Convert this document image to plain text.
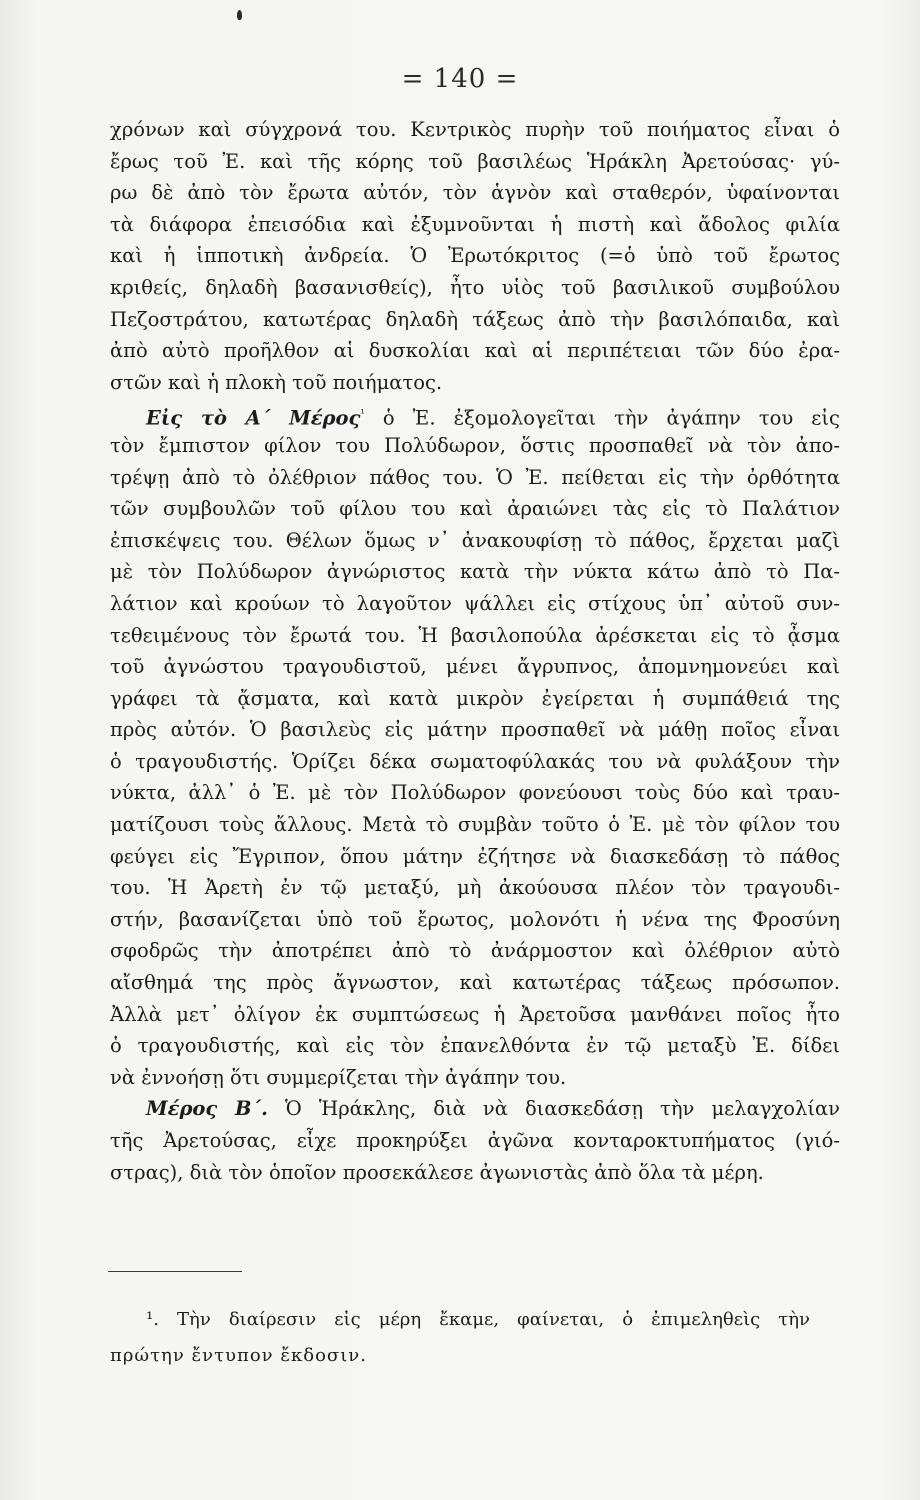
= 140 =
χρόνων καὶ σύγχρονά του. Κεντρικὸς πυρὴν τοῦ ποιήματος εἶναι ὁ
ἔρως τοῦ Ἐ. καὶ τῆς κόρης τοῦ βασιλέως Ἡράκλη Ἀρετούσας· γύ-
ρω δὲ ἀπὸ τὸν ἔρωτα αὐτόν, τὸν ἁγνὸν καὶ σταθερόν, ὑφαίνονται
τὰ διάφορα ἐπεισόδια καὶ ἐξυμνοῦνται ἡ πιστὴ καὶ ἄδολος φιλία
καὶ ἡ ἱπποτικὴ ἀνδρεία. Ὁ Ἐρωτόκριτος (=ὁ ὑπὸ τοῦ ἔρωτος
κριθείς, δηλαδὴ βασανισθείς), ἦτο υἱὸς τοῦ βασιλικοῦ συμβούλου
Πεζοστράτου, κατωτέρας δηλαδὴ τάξεως ἀπὸ τὴν βασιλόπαιδα, καὶ
ἀπὸ αὐτὸ προῆλθον αἱ δυσκολίαι καὶ αἱ περιπέτειαι τῶν δύο ἐρα-
στῶν καὶ ἡ πλοκὴ τοῦ ποιήματος.
Εἰς τὸ Α΄ Μέρος$^{^1}$ ὁ Ἐ. ἐξομολογεῖται τὴν ἀγάπην του εἰς
τὸν ἔμπιστον φίλον του Πολύδωρον, ὅστις προσπαθεῖ νὰ τὸν ἀπο-
τρέψῃ ἀπὸ τὸ ὀλέθριον πάθος του. Ὁ Ἐ. πείθεται εἰς τὴν ὀρθότητα
τῶν συμβουλῶν τοῦ φίλου του καὶ ἀραιώνει τὰς εἰς τὸ Παλάτιον
ἐπισκέψεις του. Θέλων ὅμως ν᾿ ἀνακουφίσῃ τὸ πάθος, ἔρχεται μαζὶ
μὲ τὸν Πολύδωρον ἀγνώριστος κατὰ τὴν νύκτα κάτω ἀπὸ τὸ Πα-
λάτιον καὶ κρούων τὸ λαγοῦτον ψάλλει εἰς στίχους ὑπ᾿ αὐτοῦ συν-
τεθειμένους τὸν ἔρωτά του. Ἡ βασιλοπούλα ἀρέσκεται εἰς τὸ ᾆσμα
τοῦ ἀγνώστου τραγουδιστοῦ, μένει ἄγρυπνος, ἀπομνημονεύει καὶ
γράφει τὰ ᾄσματα, καὶ κατὰ μικρὸν ἐγείρεται ἡ συμπάθειά της
πρὸς αὐτόν. Ὁ βασιλεὺς εἰς μάτην προσπαθεῖ νὰ μάθῃ ποῖος εἶναι
ὁ τραγουδιστής. Ὁρίζει δέκα σωματοφύλακάς του νὰ φυλάξουν τὴν
νύκτα, ἀλλ᾿ ὁ Ἐ. μὲ τὸν Πολύδωρον φονεύουσι τοὺς δύο καὶ τραυ-
ματίζουσι τοὺς ἄλλους. Μετὰ τὸ συμβὰν τοῦτο ὁ Ἐ. μὲ τὸν φίλον του
φεύγει εἰς Ἔγριπον, ὅπου μάτην ἐζήτησε νὰ διασκεδάσῃ τὸ πάθος
του. Ἡ Ἀρετὴ ἐν τῷ μεταξύ, μὴ ἀκούουσα πλέον τὸν τραγουδι-
στήν, βασανίζεται ὑπὸ τοῦ ἔρωτος, μολονότι ἡ νένα της Φροσύνη
σφοδρῶς τὴν ἀποτρέπει ἀπὸ τὸ ἀνάρμοστον καὶ ὀλέθριον αὐτὸ
αἴσθημά της πρὸς ἄγνωστον, καὶ κατωτέρας τάξεως πρόσωπον.
Ἀλλὰ μετ᾿ ὀλίγον ἐκ συμπτώσεως ἡ Ἀρετοῦσα μανθάνει ποῖος ἦτο
ὁ τραγουδιστής, καὶ εἰς τὸν ἐπανελθόντα ἐν τῷ μεταξὺ Ἐ. δίδει
νὰ ἐννοήσῃ ὅτι συμμερίζεται τὴν ἀγάπην του.
Μέρος Β΄. Ὁ Ἡράκλης, διὰ νὰ διασκεδάσῃ τὴν μελαγχολίαν
τῆς Ἀρετούσας, εἶχε προκηρύξει ἀγῶνα κονταροκτυπήματος (γιό-
στρας), διὰ τὸν ὁποῖον προσεκάλεσε ἀγωνιστὰς ἀπὸ ὅλα τὰ μέρη.
¹. Τὴν διαίρεσιν εἰς μέρη ἔκαμε, φαίνεται, ὁ ἐπιμεληθεὶς τὴν
πρώτην ἔντυπον ἔκδοσιν.
